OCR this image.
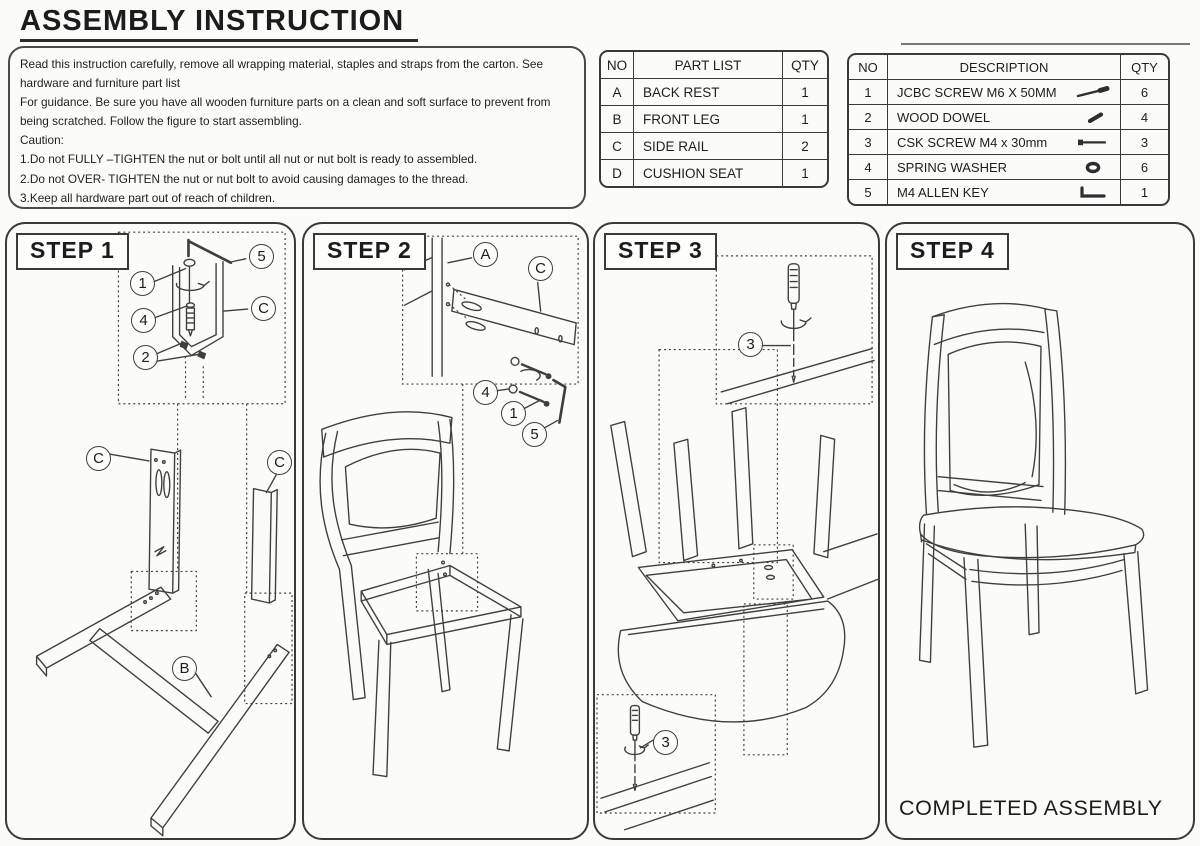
ASSEMBLY INSTRUCTION
Read this instruction carefully, remove all wrapping material, staples and straps from the carton. See
hardware and furniture part list
For guidance. Be sure you have all wooden furniture parts on a clean and soft surface to prevent from
being scratched. Follow the figure to start assembling.
Caution:
1.Do not FULLY –TIGHTEN the nut or bolt until all nut or nut bolt is ready to assembled.
2.Do not OVER- TIGHTEN the nut or nut bolt to avoid causing damages to the thread.
3.Keep all hardware part out of reach of children.
NO	PART LIST	QTY
A	BACK REST	1
B	FRONT LEG	1
C	SIDE RAIL	2
D	CUSHION SEAT	1
NO	DESCRIPTION	QTY
1	JCBC SCREW M6 X 50MM	6
2	WOOD DOWEL	4
3	CSK SCREW M4 x 30mm	3
4	SPRING WASHER	6
5	M4 ALLEN KEY	1
STEP 1
1
4
2
5
C
C	C
B
STEP 2	A
C
4
1
5
STEP 3
3
3
STEP 4
COMPLETED ASSEMBLY
